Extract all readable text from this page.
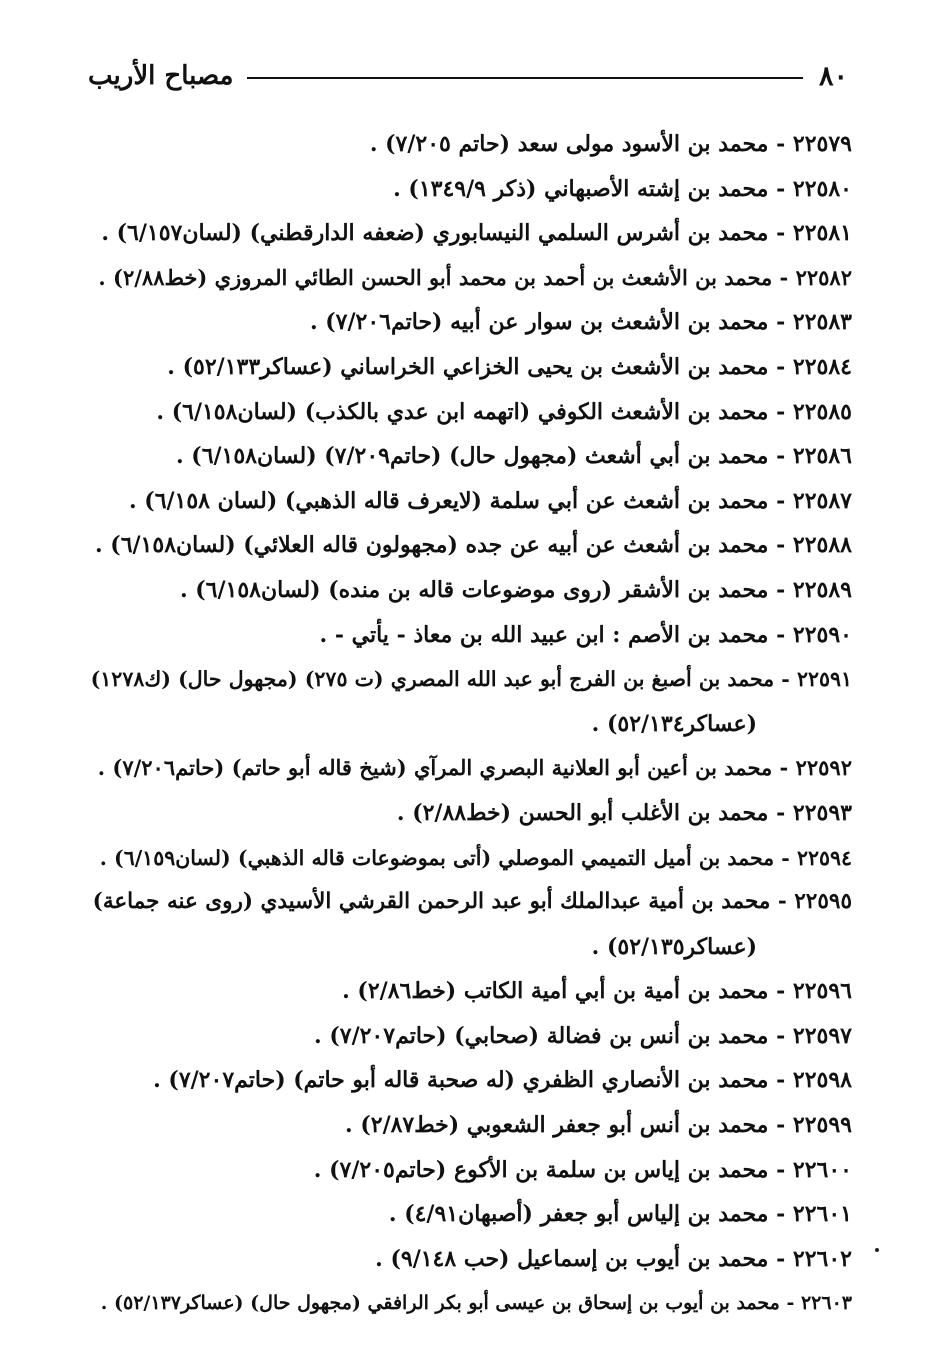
٨٠
مصباح الأريب

٢٢٥٧٩ - محمد بن الأسود مولى سعد (حاتم ٧/٢٠٥) .

٢٢٥٨٠ - محمد بن إشته الأصبهاني (ذكر ١٣٤٩/٩) .

٢٢٥٨١ - محمد بن أشرس السلمي النيسابوري (ضعفه الدارقطني) (لسان٦/١٥٧) .

٢٢٥٨٢ - محمد بن الأشعث بن أحمد بن محمد أبو الحسن الطائي المروزي (خط٢/٨٨) .

٢٢٥٨٣ - محمد بن الأشعث بن سوار عن أبيه (حاتم٧/٢٠٦) .

٢٢٥٨٤ - محمد بن الأشعث بن يحيى الخزاعي الخراساني (عساكر٥٢/١٣٣) .

٢٢٥٨٥ - محمد بن الأشعث الكوفي (اتهمه ابن عدي بالكذب) (لسان٦/١٥٨) .

٢٢٥٨٦ - محمد بن أبي أشعث (مجهول حال) (حاتم٧/٢٠٩) (لسان٦/١٥٨) .

٢٢٥٨٧ - محمد بن أشعث عن أبي سلمة (لايعرف قاله الذهبي) (لسان ٦/١٥٨) .

٢٢٥٨٨ - محمد بن أشعث عن أبيه عن جده (مجهولون قاله العلائي) (لسان٦/١٥٨) .

٢٢٥٨٩ - محمد بن الأشقر (روى موضوعات قاله بن منده) (لسان٦/١٥٨) .

٢٢٥٩٠ - محمد بن الأصم : ابن عبيد الله بن معاذ - يأتي - .

٢٢٥٩١ - محمد بن أصبغ بن الفرج أبو عبد الله المصري (ت ٢٧٥) (مجهول حال) (ك١٢٧٨)

(عساكر٥٢/١٣٤) .

٢٢٥٩٢ - محمد بن أعين أبو العلانية البصري المرآي (شيخ قاله أبو حاتم) (حاتم٧/٢٠٦) .

٢٢٥٩٣ - محمد بن الأغلب أبو الحسن (خط٢/٨٨) .

٢٢٥٩٤ - محمد بن أميل التميمي الموصلي (أتى بموضوعات قاله الذهبي) (لسان٦/١٥٩) .

٢٢٥٩٥ - محمد بن أمية عبدالملك أبو عبد الرحمن القرشي الأسيدي (روى عنه جماعة)

(عساكر٥٢/١٣٥) .

٢٢٥٩٦ - محمد بن أمية بن أبي أمية الكاتب (خط٢/٨٦) .

٢٢٥٩٧ - محمد بن أنس بن فضالة (صحابي) (حاتم٧/٢٠٧) .

٢٢٥٩٨ - محمد بن الأنصاري الظفري (له صحبة قاله أبو حاتم) (حاتم٧/٢٠٧) .

٢٢٥٩٩ - محمد بن أنس أبو جعفر الشعوبي (خط٢/٨٧) .

٢٢٦٠٠ - محمد بن إياس بن سلمة بن الأكوع (حاتم٧/٢٠٥) .

٢٢٦٠١ - محمد بن إلياس أبو جعفر (أصبهان٤/٩١) .

٢٢٦٠٢ - محمد بن أيوب بن إسماعيل (حب ٩/١٤٨) .

٢٢٦٠٣ - محمد بن أيوب بن إسحاق بن عيسى أبو بكر الرافقي (مجهول حال) (عساكر٥٢/١٣٧) .
